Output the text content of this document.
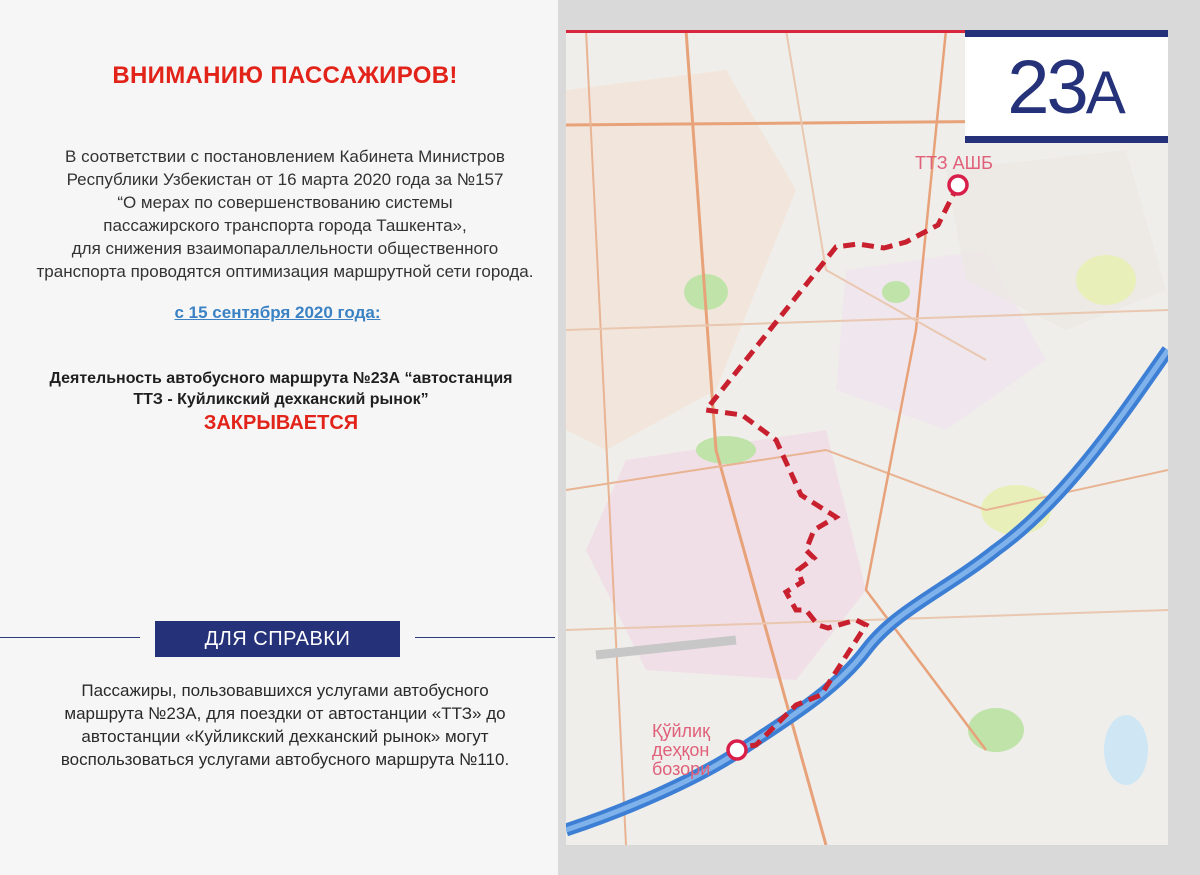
ВНИМАНИЮ ПАССАЖИРОВ!
В соответствии с постановлением Кабинета Министров
Республики Узбекистан от 16 марта 2020 года за №157
“О мерах по совершенствованию системы
пассажирского транспорта города Ташкента»,
для снижения взаимопараллельности общественного
транспорта проводятся оптимизация маршрутной сети города.
с 15 сентября 2020 года:
Деятельность автобусного маршрута №23А “автостанция
ТТЗ - Куйликский дехканский рынок”
ЗАКРЫВАЕТСЯ
ДЛЯ СПРАВКИ
Пассажиры, пользовавшихся услугами автобусного
маршрута №23А, для поездки от автостанции «ТТЗ» до
автостанции «Куйликский дехканский рынок» могут
воспользоваться услугами автобусного маршрута №110.
23А
ТТЗ АШБ
Қўйлиқ
деҳқон
бозори
